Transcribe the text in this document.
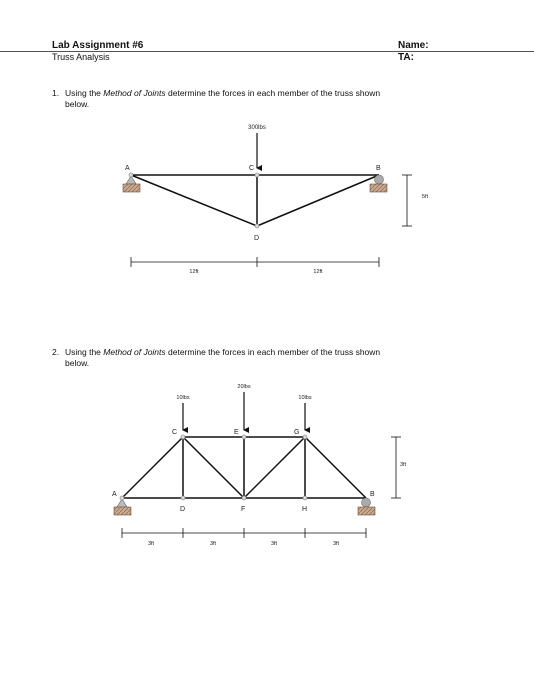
Lab Assignment #6
Truss Analysis
Name:
TA:
1. Using the Method of Joints determine the forces in each member of the truss shown
below.
2. Using the Method of Joints determine the forces in each member of the truss shown
below.
300lbs
A	B
C
D
5ft
12ft	12ft
10lbs
20lbs
10lbs
A	B
C
D
E
F
G
H
3ft
3ft	3ft	3ft	3ft
